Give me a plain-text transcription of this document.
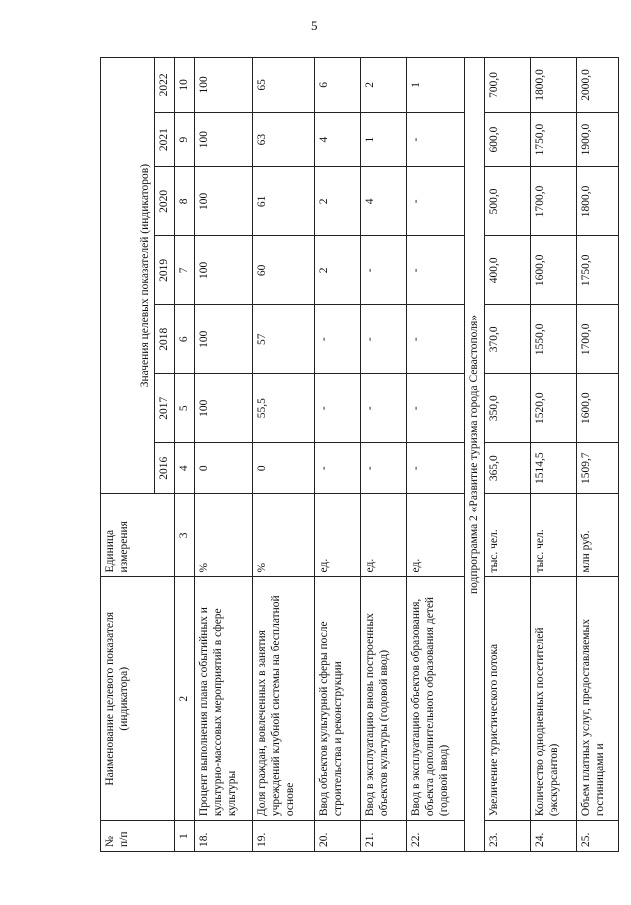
5
№ п/п	Наименование целевого показателя (индикатора)	Единица измерения	Значения целевых показателей (индикаторов)						
			2016	2017	2018	2019	2020	2021	2022
1	2	3	4	5	6	7	8	9	10
18.	Процент выполнения плана событийных и культурно-массовых мероприятий в сфере культуры	%	0	100	100	100	100	100	100
19.	Доля граждан, вовлеченных в занятия учреждений клубной системы на бесплатной основе	%	0	55,5	57	60	61	63	65
20.	Ввод объектов культурной сферы после строительства и реконструкции	ед.	-	-	-	2	2	4	6
21.	Ввод в эксплуатацию вновь построенных объектов культуры (годовой ввод)	ед.	-	-	-	-	4	1	2
22.	Ввод в эксплуатацию объектов образования, объекта дополнительного образования детей (годовой ввод)	ед.	-	-	-	-	-	-	1
подпрограмма 2 «Развитие туризма города Севастополя»									
23.	Увеличение туристического потока	тыс. чел.	365,0	350,0	370,0	400,0	500,0	600,0	700,0
24.	Количество однодневных посетителей (экскурсантов)	тыс. чел.	1514,5	1520,0	1550,0	1600,0	1700,0	1750,0	1800,0
25.	Объем платных услуг, предоставляемых гостиницами и	млн руб.	1509,7	1600,0	1700,0	1750,0	1800,0	1900,0	2000,0
